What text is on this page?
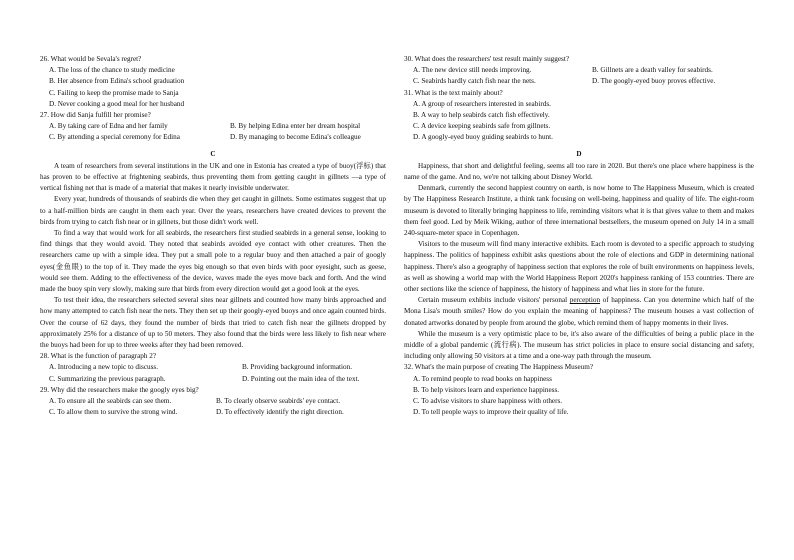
26. What would be Sevala's regret?
A. The loss of the chance to study medicine
B. Her absence from Edina's school graduation
C. Failing to keep the promise made to Sanja
D. Never cooking a good meal for her husband
27. How did Sanja fulfill her promise?
A. By taking care of Edna and her family	B. By helping Edina enter her dream hospital
C. By attending a special ceremony for Edina	D. By managing to become Edina's colleague
C
A team of researchers from several institutions in the UK and one in Estonia has created a type of buoy(浮标) that has proven to be effective at frightening seabirds, thus preventing them from getting caught in gillnets —a type of vertical fishing net that is made of a material that makes it nearly invisible underwater.
Every year, hundreds of thousands of seabirds die when they get caught in gillnets. Some estimates suggest that up to a half-million birds are caught in them each year. Over the years, researchers have created devices to prevent the birds from trying to catch fish near or in gillnets, but those didn't work well.
To find a way that would work for all seabirds, the researchers first studied seabirds in a general sense, looking to find things that they would avoid. They noted that seabirds avoided eye contact with other creatures. Then the researchers came up with a simple idea. They put a small pole to a regular buoy and then attached a pair of googly eyes(金鱼眼) to the top of it. They made the eyes big enough so that even birds with poor eyesight, such as geese, would see them. Adding to the effectiveness of the device, waves made the eyes move back and forth. And the wind made the buoy spin very slowly, making sure that birds from every direction would get a good look at the eyes.
To test their idea, the researchers selected several sites near gillnets and counted how many birds approached and how many attempted to catch fish near the nets. They then set up their googly-eyed buoys and once again counted birds. Over the course of 62 days, they found the number of birds that tried to catch fish near the gillnets dropped by approximately 25% for a distance of up to 50 meters. They also found that the birds were less likely to fish near where the buoys had been for up to three weeks after they had been removed.
28. What is the function of paragraph 2?
A. Introducing a new topic to discuss.	B. Providing background information.
C. Summarizing the previous paragraph.	D. Pointing out the main idea of the text.
29. Why did the researchers make the googly eyes big?
A. To ensure all the seabirds can see them.	B. To clearly observe seabirds' eye contact.
C. To allow them to survive the strong wind.	D. To effectively identify the right direction.
30. What does the researchers' test result mainly suggest?
A. The new device still needs improving.	B. Gillnets are a death valley for seabirds.
C. Seabirds hardly catch fish near the nets.	D. The googly-eyed buoy proves effective.
31. What is the text mainly about?
A. A group of researchers interested in seabirds.
B. A way to help seabirds catch fish effectively.
C. A device keeping seabirds safe from gillnets.
D. A googly-eyed buoy guiding seabirds to hunt.
D
Happiness, that short and delightful feeling, seems all too rare in 2020. But there's one place where happiness is the name of the game. And no, we're not talking about Disney World.
Denmark, currently the second happiest country on earth, is now home to The Happiness Museum, which is created by The Happiness Research Institute, a think tank focusing on well-being, happiness and quality of life. The eight-room museum is devoted to literally bringing happiness to life, reminding visitors what it is that gives value to them and makes them feel good. Led by Meik Wiking, author of three international bestsellers, the museum opened on July 14 in a small 240-square-meter space in Copenhagen.
Visitors to the museum will find many interactive exhibits. Each room is devoted to a specific approach to studying happiness. The politics of happiness exhibit asks questions about the role of elections and GDP in determining national happiness. There's also a geography of happiness section that explores the role of built environments on happiness levels, as well as showing a world map with the World Happiness Report 2020's happiness ranking of 153 countries. There are other sections like the science of happiness, the history of happiness and what lies in store for the future.
Certain museum exhibits include visitors' personal perception of happiness. Can you determine which half of the Mona Lisa's mouth smiles? How do you explain the meaning of happiness? The museum houses a vast collection of donated artworks donated by people from around the globe, which remind them of happy moments in their lives.
While the museum is a very optimistic place to be, it's also aware of the difficulties of being a public place in the middle of a global pandemic (流行病). The museum has strict policies in place to ensure social distancing and safety, including only allowing 50 visitors at a time and a one-way path through the museum.
32. What's the main purpose of creating The Happiness Museum?
A. To remind people to read books on happiness
B. To help visitors learn and experience happiness.
C. To advise visitors to share happiness with others.
D. To tell people ways to improve their quality of life.
